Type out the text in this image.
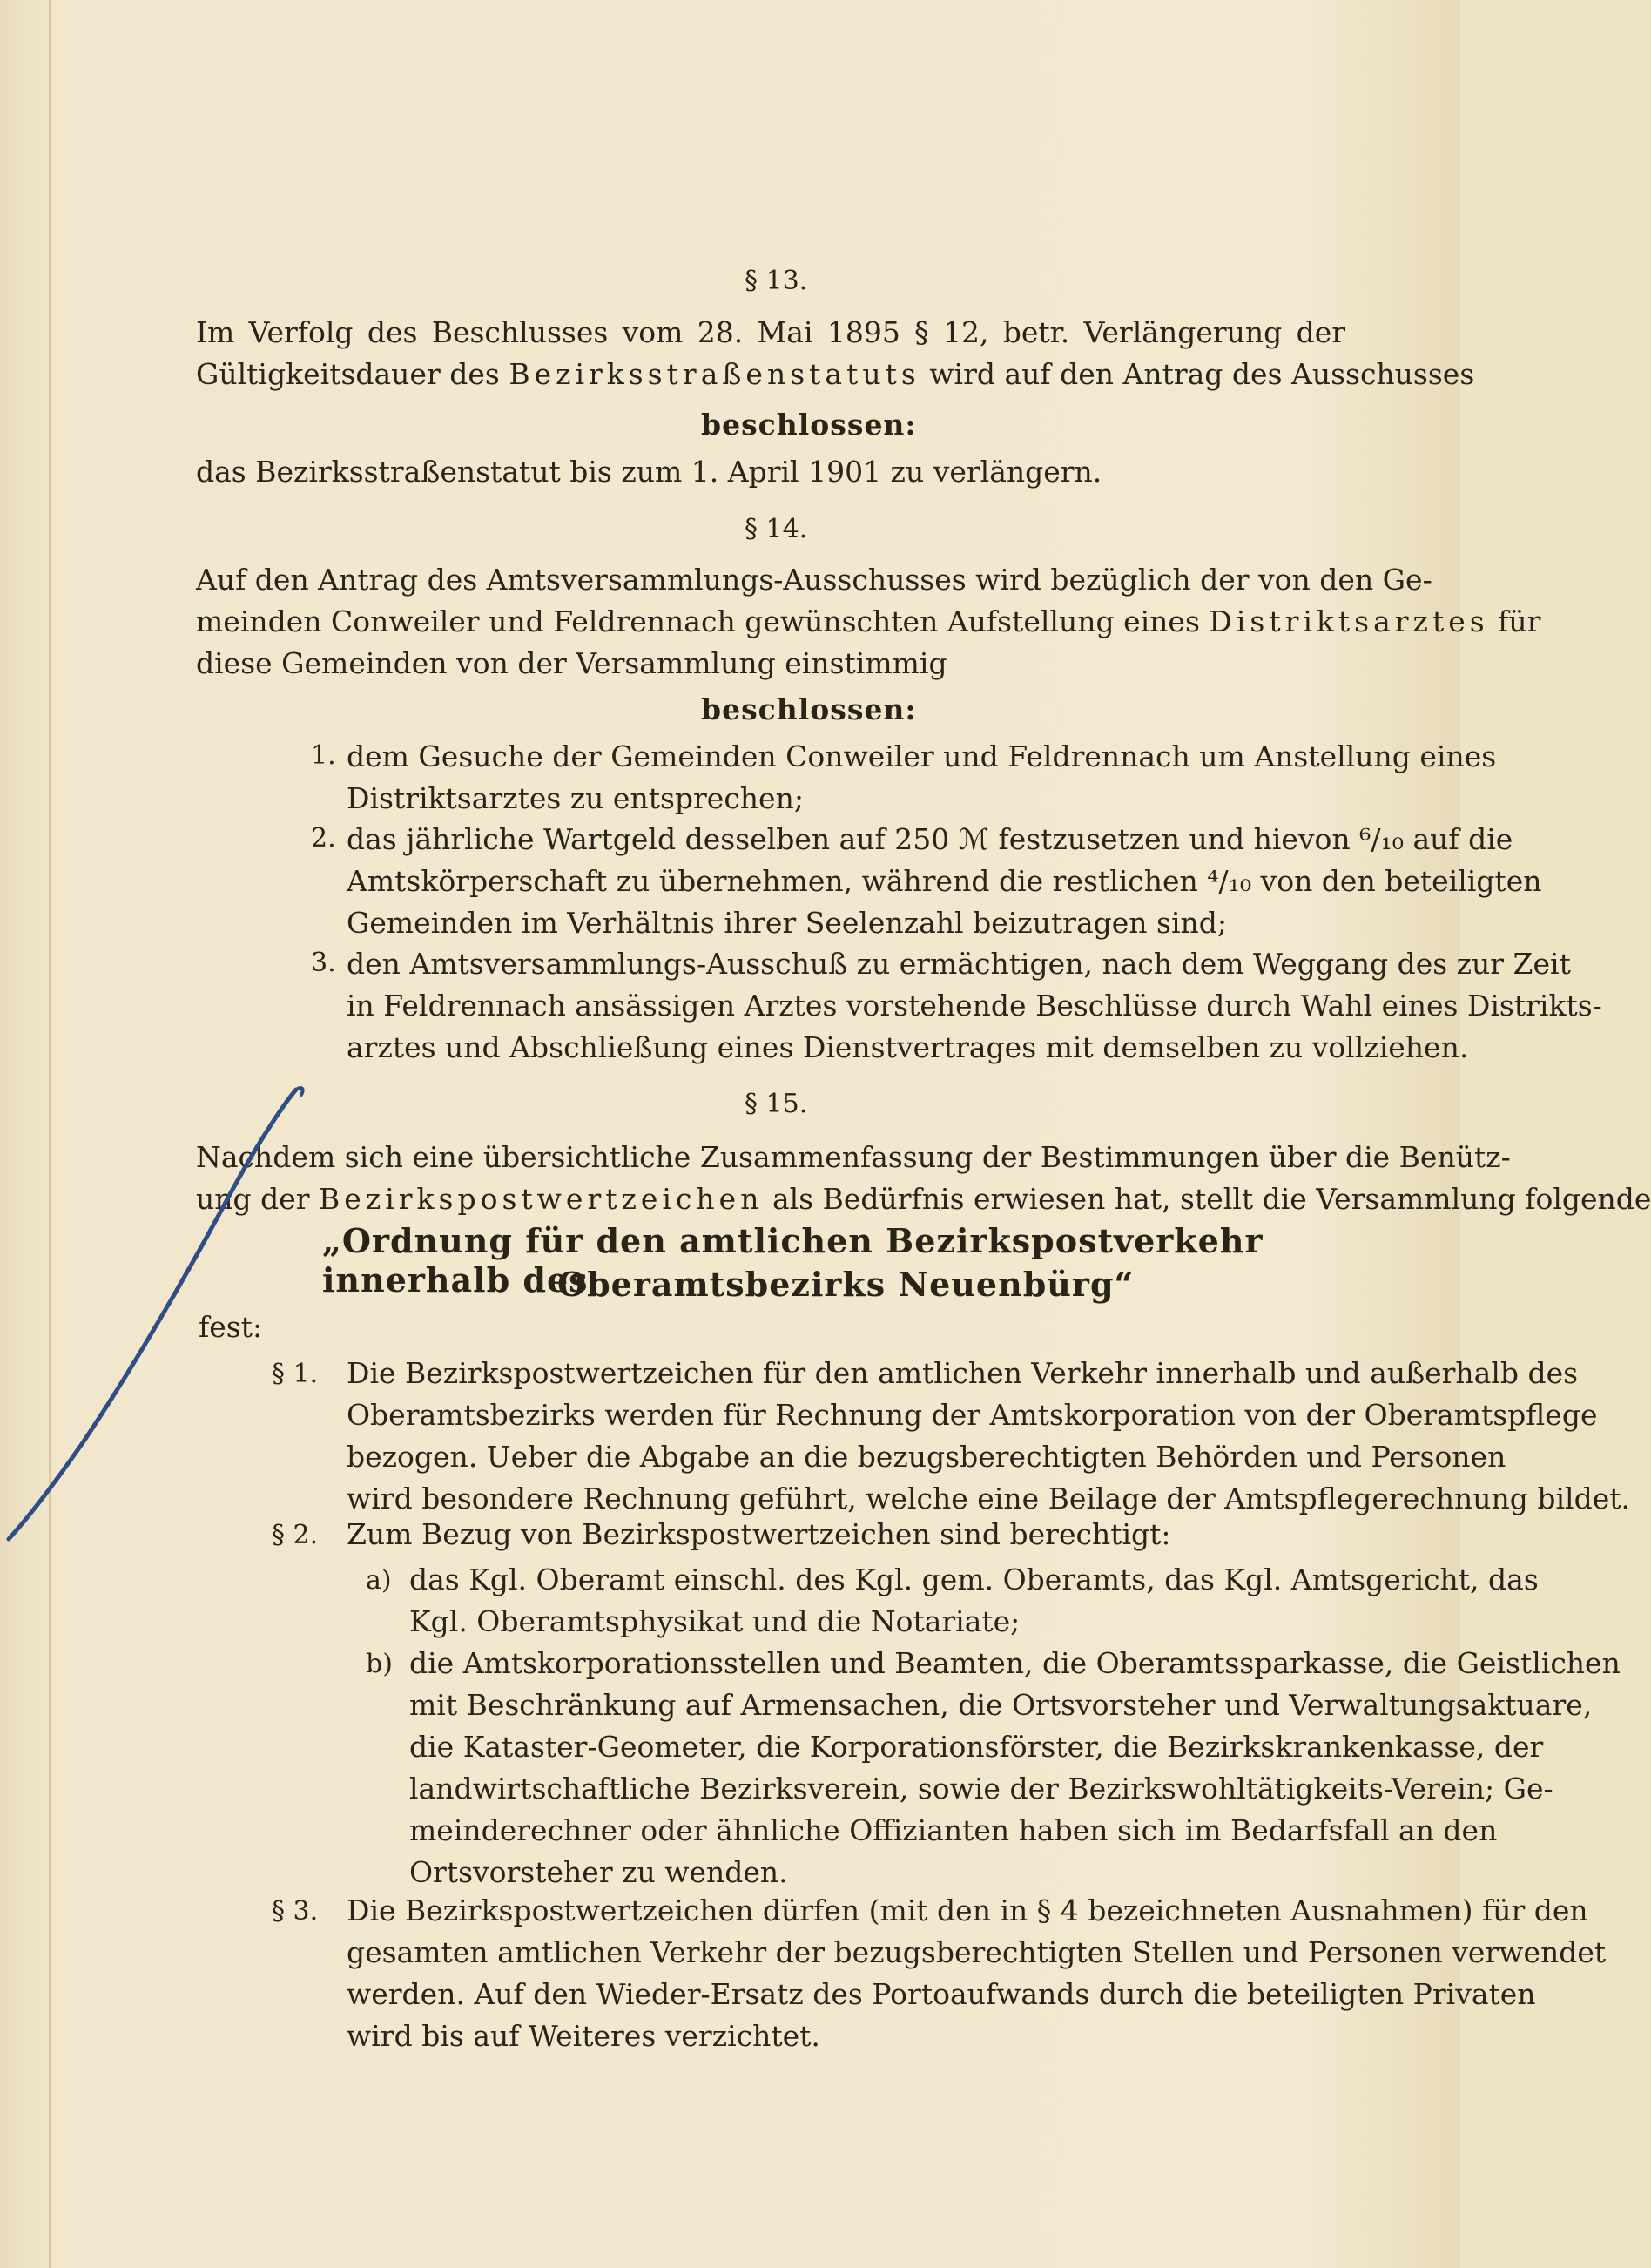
§ 13.
Im Verfolg des Beschlusses vom 28. Mai 1895 § 12, betr. Verlängerung der
Gültigkeitsdauer des Bezirksstraßenstatuts wird auf den Antrag des Ausschusses
beschlossen:
das Bezirksstraßenstatut bis zum 1. April 1901 zu verlängern.
§ 14.
Auf den Antrag des Amtsversammlungs-Ausschusses wird bezüglich der von den Ge-
meinden Conweiler und Feldrennach gewünschten Aufstellung eines Distriktsarztes für
diese Gemeinden von der Versammlung einstimmig
beschlossen:
1. dem Gesuche der Gemeinden Conweiler und Feldrennach um Anstellung eines
Distriktsarztes zu entsprechen;
2. das jährliche Wartgeld desselben auf 250 ℳ festzusetzen und hievon ⁶/₁₀ auf die
Amtskörperschaft zu übernehmen, während die restlichen ⁴/₁₀ von den beteiligten
Gemeinden im Verhältnis ihrer Seelenzahl beizutragen sind;
3. den Amtsversammlungs-Ausschuß zu ermächtigen, nach dem Weggang des zur Zeit
in Feldrennach ansässigen Arztes vorstehende Beschlüsse durch Wahl eines Distrikts-
arztes und Abschließung eines Dienstvertrages mit demselben zu vollziehen.
§ 15.
Nachdem sich eine übersichtliche Zusammenfassung der Bestimmungen über die Benütz-
ung der Bezirkspostwertzeichen als Bedürfnis erwiesen hat, stellt die Versammlung folgende
„Ordnung für den amtlichen Bezirkspostverkehr innerhalb des
Oberamtsbezirks Neuenbürg“
fest:
§ 1. Die Bezirkspostwertzeichen für den amtlichen Verkehr innerhalb und außerhalb des
Oberamtsbezirks werden für Rechnung der Amtskorporation von der Oberamtspflege
bezogen. Ueber die Abgabe an die bezugsberechtigten Behörden und Personen
wird besondere Rechnung geführt, welche eine Beilage der Amtspflegerechnung bildet.
§ 2. Zum Bezug von Bezirkspostwertzeichen sind berechtigt:
a) das Kgl. Oberamt einschl. des Kgl. gem. Oberamts, das Kgl. Amtsgericht, das
Kgl. Oberamtsphysikat und die Notariate;
b) die Amtskorporationsstellen und Beamten, die Oberamtssparkasse, die Geistlichen
mit Beschränkung auf Armensachen, die Ortsvorsteher und Verwaltungsaktuare,
die Kataster-Geometer, die Korporationsförster, die Bezirkskrankenkasse, der
landwirtschaftliche Bezirksverein, sowie der Bezirkswohltätigkeits-Verein; Ge-
meinderechner oder ähnliche Offizianten haben sich im Bedarfsfall an den
Ortsvorsteher zu wenden.
§ 3. Die Bezirkspostwertzeichen dürfen (mit den in § 4 bezeichneten Ausnahmen) für den
gesamten amtlichen Verkehr der bezugsberechtigten Stellen und Personen verwendet
werden. Auf den Wieder-Ersatz des Portoaufwands durch die beteiligten Privaten
wird bis auf Weiteres verzichtet.
